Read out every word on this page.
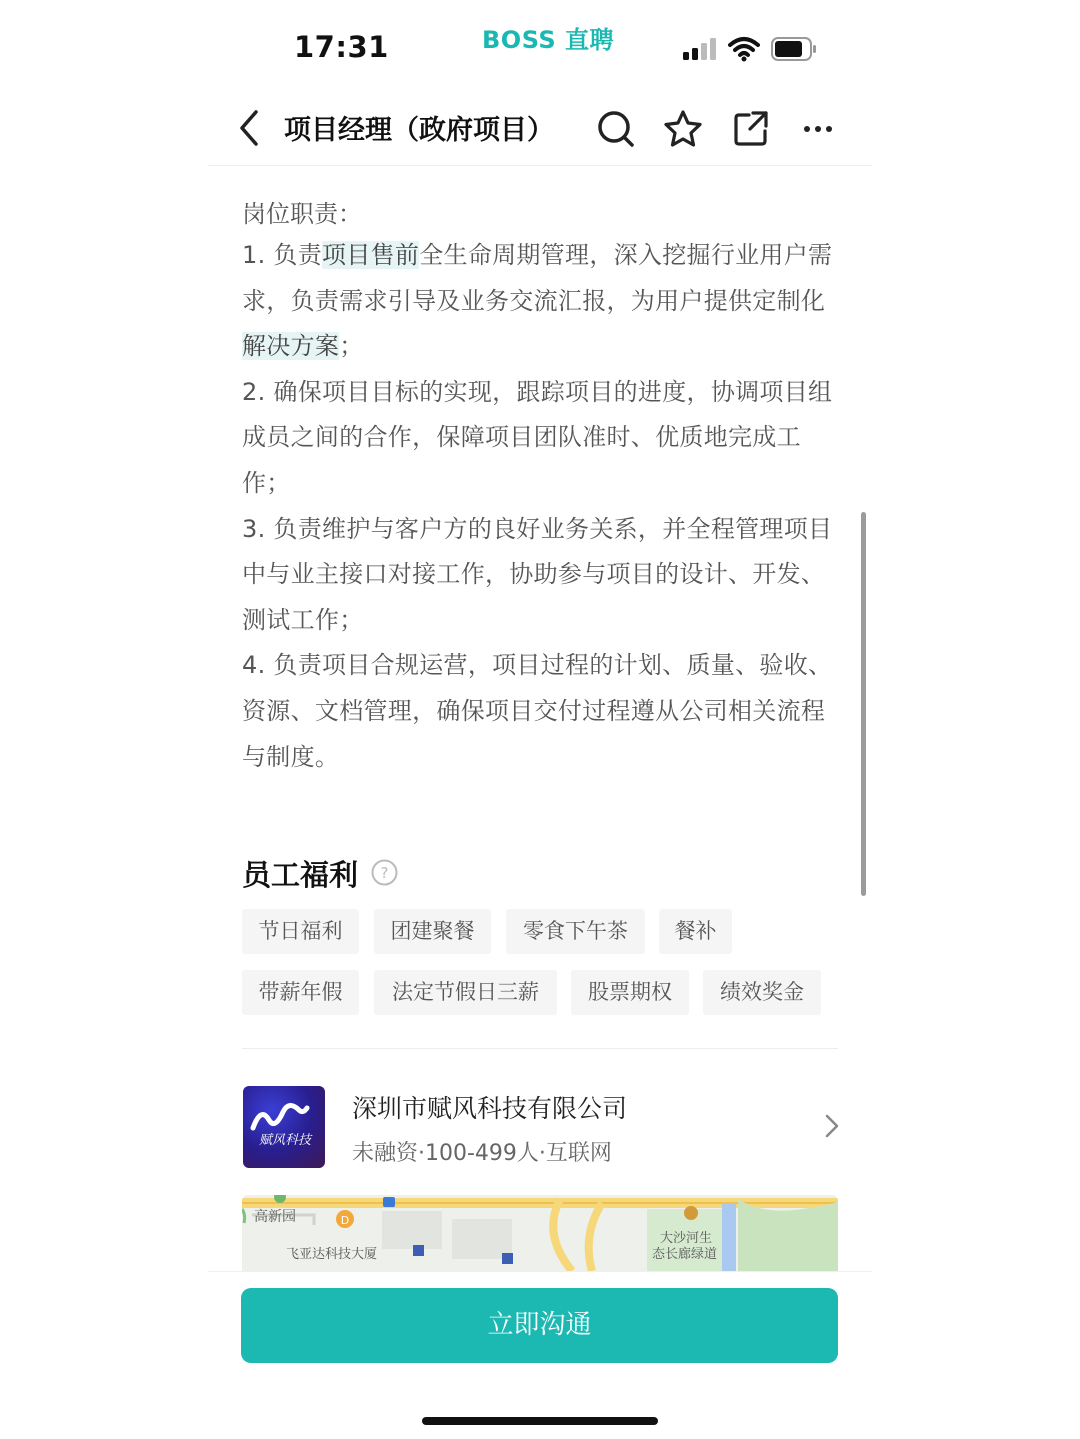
17:31	BOSS 直聘
项目经理（政府项目）
岗位职责：

1. 负责项目售前全生命周期管理，深入挖掘行业用户需求，负责需求引导及业务交流汇报，为用户提供定制化解决方案；

2. 确保项目目标的实现，跟踪项目的进度，协调项目组成员之间的合作，保障项目团队准时、优质地完成工作；

3. 负责维护与客户方的良好业务关系，并全程管理项目中与业主接口对接工作，协助参与项目的设计、开发、测试工作；

4. 负责项目合规运营，项目过程的计划、质量、验收、资源、文档管理，确保项目交付过程遵从公司相关流程与制度。

员工福利 ?
节日福利	团建聚餐	零食下午茶	餐补
带薪年假	法定节假日三薪	股票期权	绩效奖金
赋风科技
深圳市赋风科技有限公司
未融资·100-499人·互联网
D
高新园
飞亚达科技大厦
大沙河生
态长廊绿道
立即沟通
